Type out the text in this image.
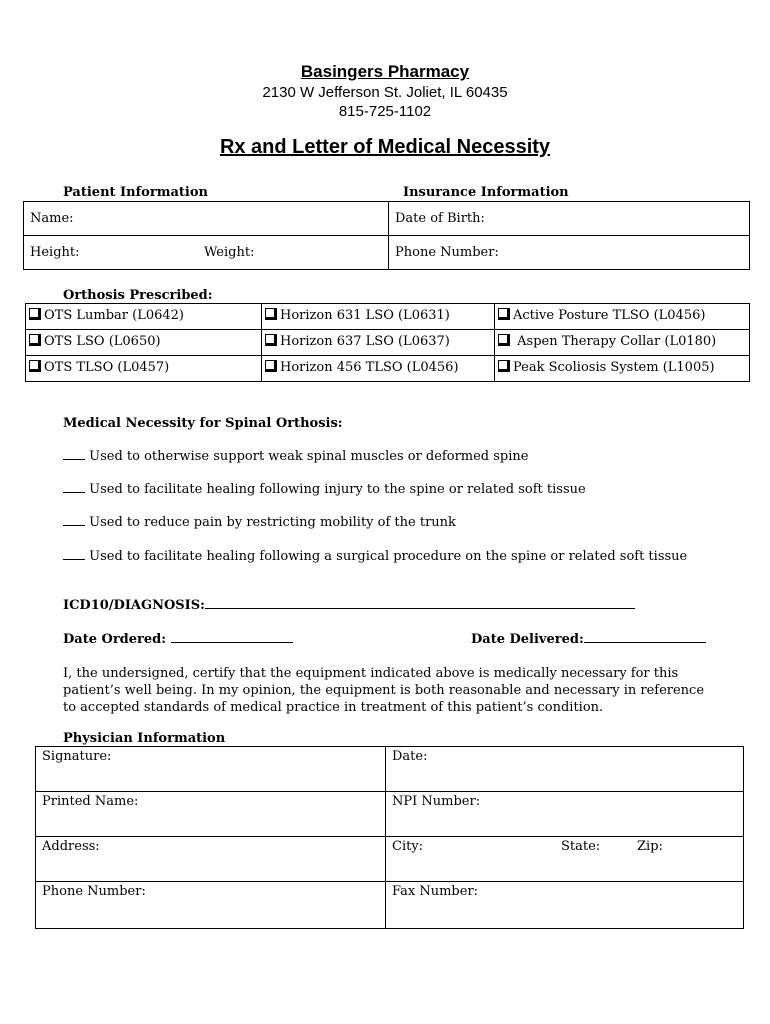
Basingers Pharmacy
2130 W Jefferson St. Joliet, IL 60435
815-725-1102
Rx and Letter of Medical Necessity
Patient Information	Insurance Information
Name:	Date of Birth:
Height: Weight:	Phone Number:
Orthosis Prescribed:
OTS Lumbar (L0642)	Horizon 631 LSO (L0631)	Active Posture TLSO (L0456)
OTS LSO (L0650)	Horizon 637 LSO (L0637)	Aspen Therapy Collar (L0180)
OTS TLSO (L0457)	Horizon 456 TLSO (L0456)	Peak Scoliosis System (L1005)
Medical Necessity for Spinal Orthosis:
Used to otherwise support weak spinal muscles or deformed spine
Used to facilitate healing following injury to the spine or related soft tissue
Used to reduce pain by restricting mobility of the trunk
Used to facilitate healing following a surgical procedure on the spine or related soft tissue
ICD10/DIAGNOSIS:
Date Ordered:	Date Delivered:
I, the undersigned, certify that the equipment indicated above is medically necessary for this patient’s well being. In my opinion, the equipment is both reasonable and necessary in reference to accepted standards of medical practice in treatment of this patient’s condition.
Physician Information
Signature:	Date:
Printed Name:	NPI Number:
Address:	City: State: Zip:

Phone Number:	Fax Number:
